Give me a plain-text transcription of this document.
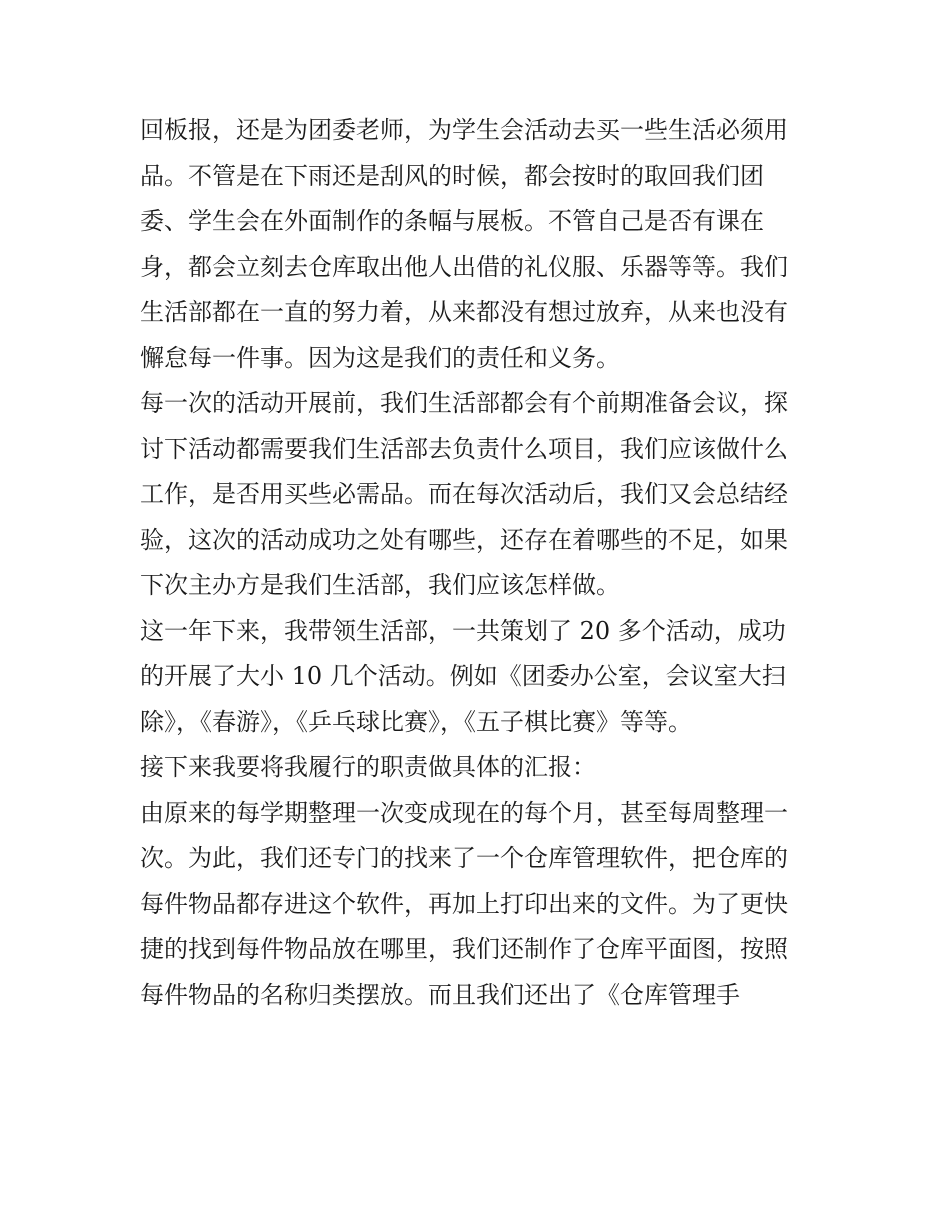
回板报，还是为团委老师，为学生会活动去买一些生活必须用
品。不管是在下雨还是刮风的时候，都会按时的取回我们团
委、学生会在外面制作的条幅与展板。不管自己是否有课在
身，都会立刻去仓库取出他人出借的礼仪服、乐器等等。我们
生活部都在一直的努力着，从来都没有想过放弃，从来也没有
懈怠每一件事。因为这是我们的责任和义务。
每一次的活动开展前，我们生活部都会有个前期准备会议，探
讨下活动都需要我们生活部去负责什么项目，我们应该做什么
工作，是否用买些必需品。而在每次活动后，我们又会总结经
验，这次的活动成功之处有哪些，还存在着哪些的不足，如果
下次主办方是我们生活部，我们应该怎样做。
这一年下来，我带领生活部，一共策划了 20 多个活动，成功
的开展了大小 10 几个活动。例如《团委办公室，会议室大扫
除》，《春游》，《乒乓球比赛》，《五子棋比赛》等等。
接下来我要将我履行的职责做具体的汇报：
由原来的每学期整理一次变成现在的每个月，甚至每周整理一
次。为此，我们还专门的找来了一个仓库管理软件，把仓库的
每件物品都存进这个软件，再加上打印出来的文件。为了更快
捷的找到每件物品放在哪里，我们还制作了仓库平面图，按照
每件物品的名称归类摆放。而且我们还出了《仓库管理手
